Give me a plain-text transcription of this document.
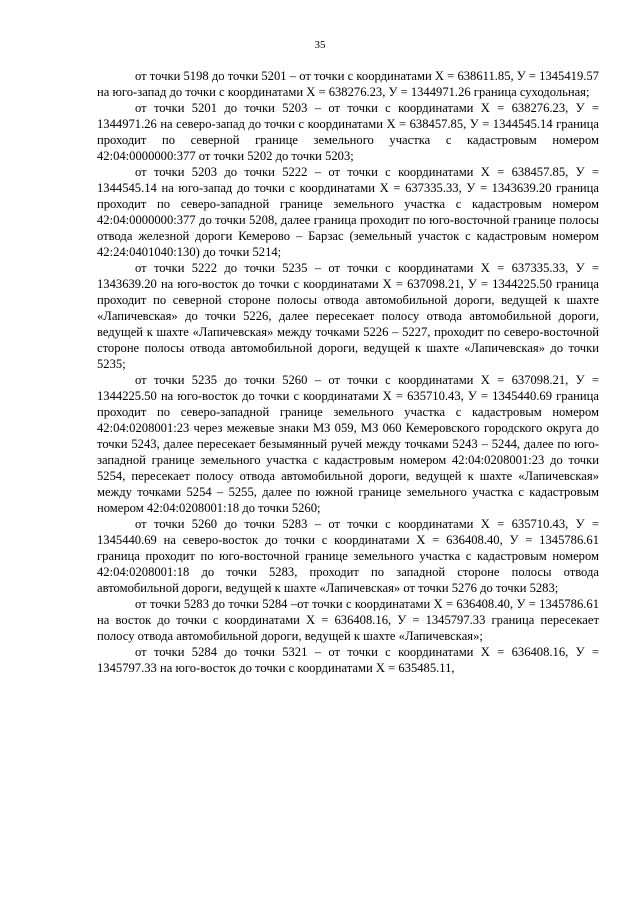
35

от точки 5198 до точки 5201 – от точки с координатами Х = 638611.85, У = 1345419.57 на юго-запад до точки с координатами Х = 638276.23, У = 1344971.26 граница суходольная;

от точки 5201 до точки 5203 – от точки с координатами Х = 638276.23, У = 1344971.26 на северо-запад до точки с координатами Х = 638457.85, У = 1344545.14 граница проходит по северной границе земельного участка с кадастровым номером 42:04:0000000:377 от точки 5202 до точки 5203;

от точки 5203 до точки 5222 – от точки с координатами Х = 638457.85, У = 1344545.14 на юго-запад до точки с координатами Х = 637335.33, У = 1343639.20 граница проходит по северо-западной границе земельного участка с кадастровым номером 42:04:0000000:377 до точки 5208, далее граница проходит по юго-восточной границе полосы отвода железной дороги Кемерово – Барзас (земельный участок с кадастровым номером 42:24:0401040:130) до точки 5214;

от точки 5222 до точки 5235 – от точки с координатами Х = 637335.33, У = 1343639.20 на юго-восток до точки с координатами Х = 637098.21, У = 1344225.50 граница проходит по северной стороне полосы отвода автомобильной дороги, ведущей к шахте «Лапичевская» до точки 5226, далее пересекает полосу отвода автомобильной дороги, ведущей к шахте «Лапичевская» между точками 5226 – 5227, проходит по северо-восточной стороне полосы отвода автомобильной дороги, ведущей к шахте «Лапичевская» до точки 5235;

от точки 5235 до точки 5260 – от точки с координатами Х = 637098.21, У = 1344225.50 на юго-восток до точки с координатами Х = 635710.43, У = 1345440.69 граница проходит по северо-западной границе земельного участка с кадастровым номером 42:04:0208001:23 через межевые знаки МЗ 059, МЗ 060 Кемеровского городского округа до точки 5243, далее пересекает безымянный ручей между точками 5243 – 5244, далее по юго-западной границе земельного участка с кадастровым номером 42:04:0208001:23 до точки 5254, пересекает полосу отвода автомобильной дороги, ведущей к шахте «Лапичевская» между точками 5254 – 5255, далее по южной границе земельного участка с кадастровым номером 42:04:0208001:18 до точки 5260;

от точки 5260 до точки 5283 – от точки с координатами Х = 635710.43, У = 1345440.69 на северо-восток до точки с координатами Х = 636408.40, У = 1345786.61 граница проходит по юго-восточной границе земельного участка с кадастровым номером 42:04:0208001:18 до точки 5283, проходит по западной стороне полосы отвода автомобильной дороги, ведущей к шахте «Лапичевская» от точки 5276 до точки 5283;

от точки 5283 до точки 5284 –от точки с координатами Х = 636408.40, У = 1345786.61 на восток до точки с координатами Х = 636408.16, У = 1345797.33 граница пересекает полосу отвода автомобильной дороги, ведущей к шахте «Лапичевская»;

от точки 5284 до точки 5321 – от точки с координатами Х = 636408.16, У = 1345797.33 на юго-восток до точки с координатами Х = 635485.11,
